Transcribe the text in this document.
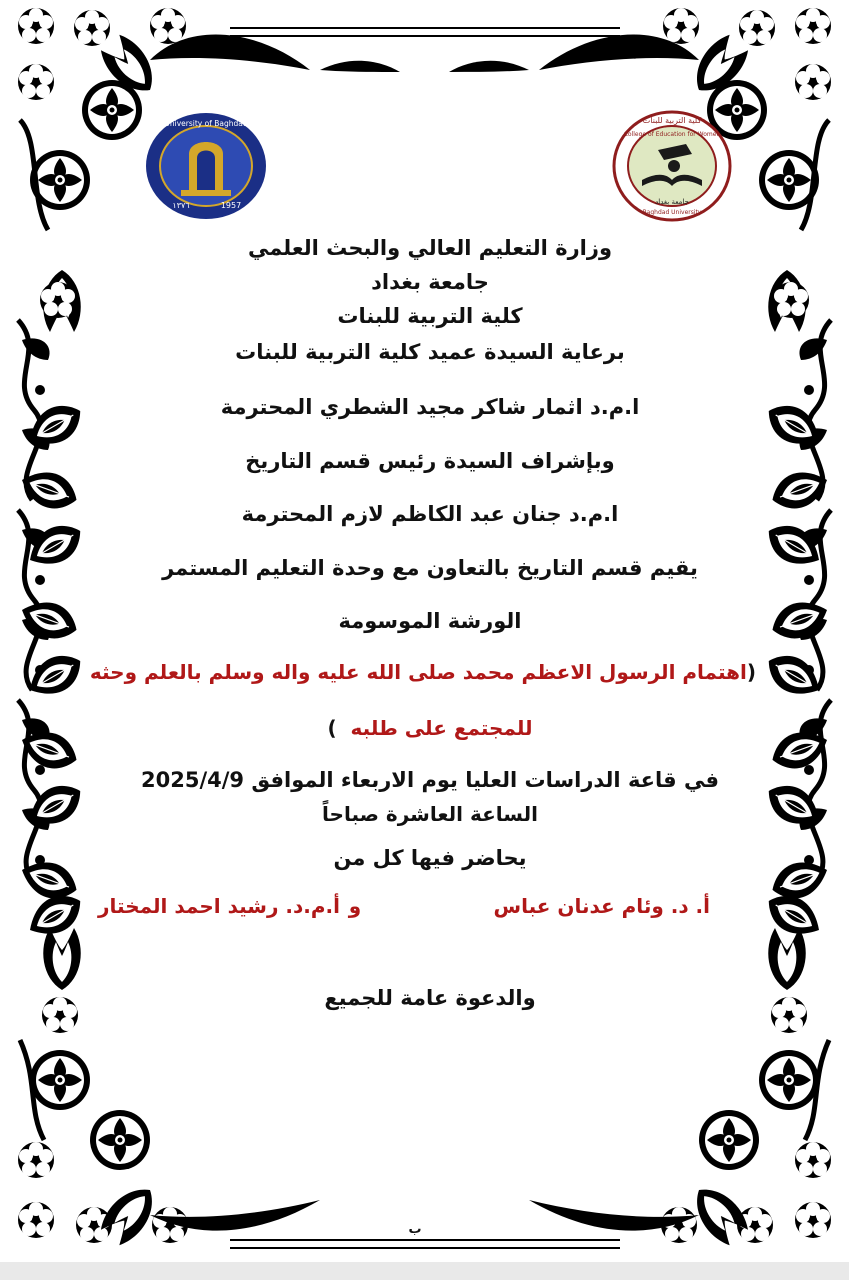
University of Baghdad
1957
١٣٧٦
كلية التربية للبنات
College of Education for Women
جامعة بغداد
Baghdad University
وزارة التعليم العالي والبحث العلمي
جامعة بغداد
كلية التربية للبنات
برعاية السيدة عميد كلية التربية للبنات
ا.م.د اثمار شاكر مجيد الشطري المحترمة
وبإشراف السيدة رئيس قسم التاريخ
ا.م.د جنان عبد الكاظم لازم المحترمة
يقيم قسم التاريخ بالتعاون مع وحدة التعليم المستمر
الورشة الموسومة
(اهتمام الرسول الاعظم محمد صلى الله عليه واله وسلم بالعلم وحثه
للمجتمع على طلبه  )
في قاعة الدراسات العليا يوم الاربعاء الموافق 2025/4/9
الساعة العاشرة صباحاً
يحاضر فيها كل من
أ. د. وئام عدنان عباس
و
أ.م.د. رشيد احمد المختار
والدعوة عامة للجميع
ب
